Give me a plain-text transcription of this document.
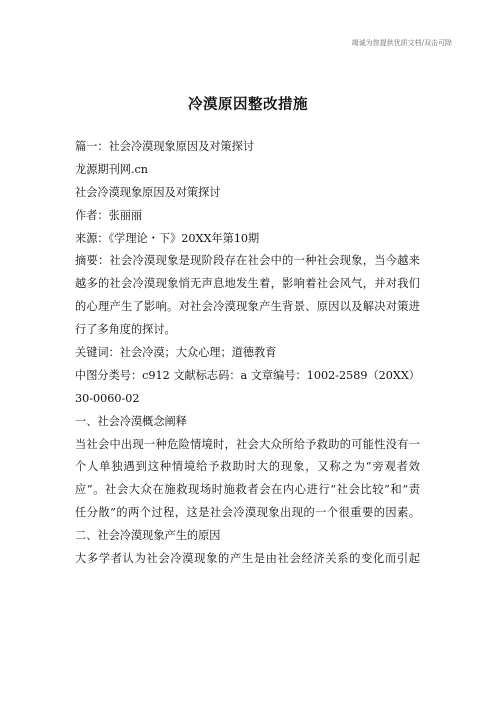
竭诚为您提供优质文档/双击可除
冷漠原因整改措施
篇一：社会冷漠现象原因及对策探讨
龙源期刊网.cn
社会冷漠现象原因及对策探讨
作者：张丽丽
来源：《学理论・下》20XX年第10期
摘要：社会冷漠现象是现阶段存在社会中的一种社会现象，当今越来
越多的社会冷漠现象悄无声息地发生着，影响着社会风气，并对我们
的心理产生了影响。对社会冷漠现象产生背景、原因以及解决对策进
行了多角度的探讨。
关键词：社会冷漠；大众心理；道德教育
中图分类号：c912 文献标志码：a 文章编号：1002-2589（20XX）
30-0060-02
一、社会冷漠概念阐释
当社会中出现一种危险情境时，社会大众所给予救助的可能性没有一
个人单独遇到这种情境给予救助时大的现象，又称之为“旁观者效
应”。社会大众在施救现场时施救者会在内心进行“社会比较”和“责
任分散”的两个过程，这是社会冷漠现象出现的一个很重要的因素。
二、社会冷漠现象产生的原因
大多学者认为社会冷漠现象的产生是由社会经济关系的变化而引起
